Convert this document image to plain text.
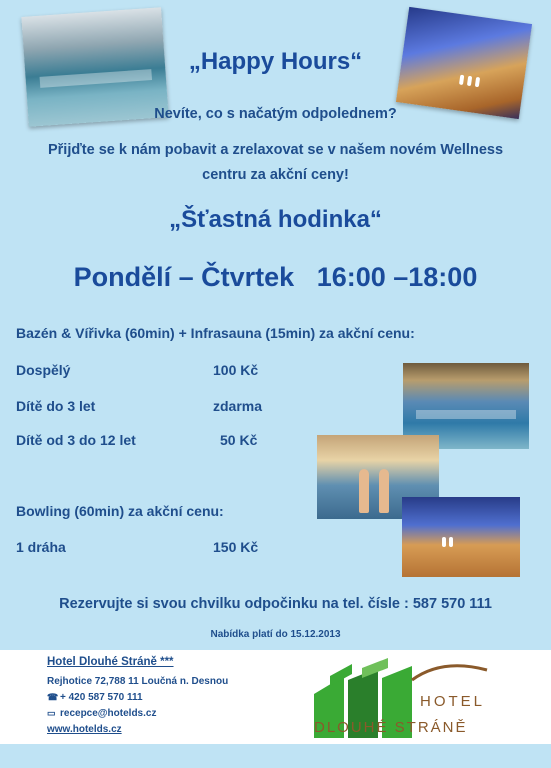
„Happy Hours“
Nevíte, co s načatým odpolednem?
Přijďte se k nám pobavit a zrelaxovat se v našem novém Wellness
centru za akční ceny!
„Šťastná hodinka“
Pondělí – Čtvrtek   16:00 –18:00
Bazén & Vířivka (60min) + Infrasauna (15min) za akční cenu:
Dospělý	100 Kč
Dítě do 3 let	zdarma
Dítě od 3 do 12 let	50 Kč
Bowling (60min) za akční cenu:
1 dráha	150 Kč
Rezervujte si svou chvilku odpočinku na tel. čísle : 587 570 111
Nabídka platí do 15.12.2013
Hotel Dlouhé Stráně ***
Rejhotice 72,788 11 Loučná n. Desnou
☎ + 420 587 570 111
▭ recepce@hotelds.cz
www.hotelds.cz
HOTEL
DLOUHÉ STRÁNĚ
